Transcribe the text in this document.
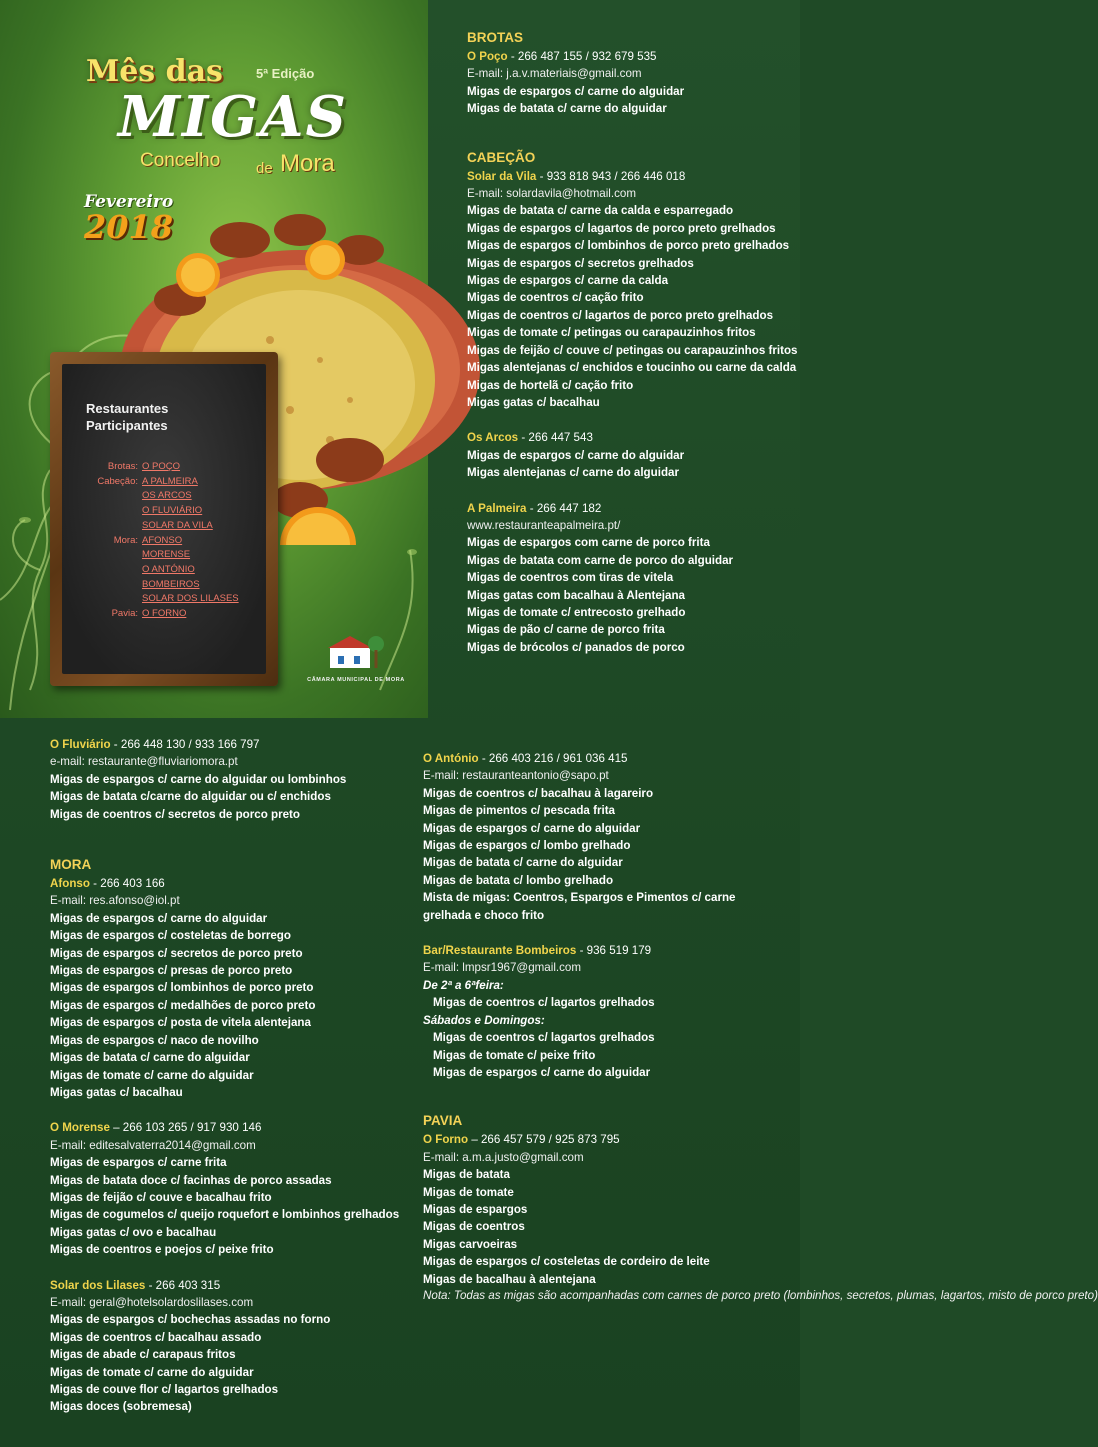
Mês das	5ª Edição
MIGAS
Concelho de Mora
Fevereiro
2018
Restaurantes
Participantes
Brotas: O POÇO
Cabeção: A PALMEIRA
OS ARCOS
O FLUVIÁRIO
SOLAR DA VILA
Mora: AFONSO
MORENSE
O ANTÓNIO
BOMBEIROS
SOLAR DOS LILASES
Pavia: O FORNO
CÂMARA MUNICIPAL DE MORA

BROTAS

O Poço - 266 487 155 / 932 679 535

E-mail: j.a.v.materiais@gmail.com

Migas de espargos c/ carne do alguidar

Migas de batata c/ carne do alguidar

CABEÇÃO

Solar da Vila - 933 818 943 / 266 446 018

E-mail: solardavila@hotmail.com

Migas de batata c/ carne da calda e esparregado

Migas de espargos c/ lagartos de porco preto grelhados

Migas de espargos c/ lombinhos de porco preto grelhados

Migas de espargos c/ secretos grelhados

Migas de espargos c/ carne da calda

Migas de coentros c/ cação frito

Migas de coentros c/ lagartos de porco preto grelhados

Migas de tomate c/ petingas ou carapauzinhos fritos

Migas de feijão c/ couve c/ petingas ou carapauzinhos fritos

Migas alentejanas c/ enchidos e toucinho ou carne da calda

Migas de hortelã c/ cação frito

Migas gatas c/ bacalhau

Os Arcos - 266 447 543

Migas de espargos c/ carne do alguidar

Migas alentejanas c/ carne do alguidar

A Palmeira - 266 447 182

www.restauranteapalmeira.pt/

Migas de espargos com carne de porco frita

Migas de batata com carne de porco do alguidar

Migas de coentros com tiras de vitela

Migas gatas com bacalhau à Alentejana

Migas de tomate c/ entrecosto grelhado

Migas de pão c/ carne de porco frita

Migas de brócolos c/ panados de porco

O Fluviário - 266 448 130 / 933 166 797

e-mail: restaurante@fluviariomora.pt

Migas de espargos c/ carne do alguidar ou lombinhos

Migas de batata c/carne do alguidar ou c/ enchidos

Migas de coentros c/ secretos de porco preto

MORA

Afonso - 266 403 166

E-mail: res.afonso@iol.pt

Migas de espargos c/ carne do alguidar

Migas de espargos c/ costeletas de borrego

Migas de espargos c/ secretos de porco preto

Migas de espargos c/ presas de porco preto

Migas de espargos c/ lombinhos de porco preto

Migas de espargos c/ medalhões de porco preto

Migas de espargos c/ posta de vitela alentejana

Migas de espargos c/ naco de novilho

Migas de batata c/ carne do alguidar

Migas de tomate c/ carne do alguidar

Migas gatas c/ bacalhau

O Morense – 266 103 265 / 917 930 146

E-mail: editesalvaterra2014@gmail.com

Migas de espargos c/ carne frita

Migas de batata doce c/ facinhas de porco assadas

Migas de feijão c/ couve e bacalhau frito

Migas de cogumelos c/ queijo roquefort e lombinhos grelhados

Migas gatas c/ ovo e bacalhau

Migas de coentros e poejos c/ peixe frito

Solar dos Lilases - 266 403 315

E-mail: geral@hotelsolardoslilases.com

Migas de espargos c/ bochechas assadas no forno

Migas de coentros c/ bacalhau assado

Migas de abade c/ carapaus fritos

Migas de tomate c/ carne do alguidar

Migas de couve flor c/ lagartos grelhados

Migas doces (sobremesa)

O António - 266 403 216 / 961 036 415

E-mail: restauranteantonio@sapo.pt

Migas de coentros c/ bacalhau à lagareiro

Migas de pimentos c/ pescada frita

Migas de espargos c/ carne do alguidar

Migas de espargos c/ lombo grelhado

Migas de batata c/ carne do alguidar

Migas de batata c/ lombo grelhado

Mista de migas: Coentros, Espargos e Pimentos c/ carne

grelhada e choco frito

Bar/Restaurante Bombeiros - 936 519 179

E-mail: lmpsr1967@gmail.com

De 2ª a 6ªfeira:

Migas de coentros c/ lagartos grelhados

Sábados e Domingos:

Migas de coentros c/ lagartos grelhados

Migas de tomate c/ peixe frito

Migas de espargos c/ carne do alguidar

PAVIA

O Forno – 266 457 579 / 925 873 795

E-mail: a.m.a.justo@gmail.com

Migas de batata

Migas de tomate

Migas de espargos

Migas de coentros

Migas carvoeiras

Migas de espargos c/ costeletas de cordeiro de leite

Migas de bacalhau à alentejana

Nota: Todas as migas são acompanhadas com carnes de porco preto (lombinhos, secretos, plumas, lagartos, misto de porco preto)
